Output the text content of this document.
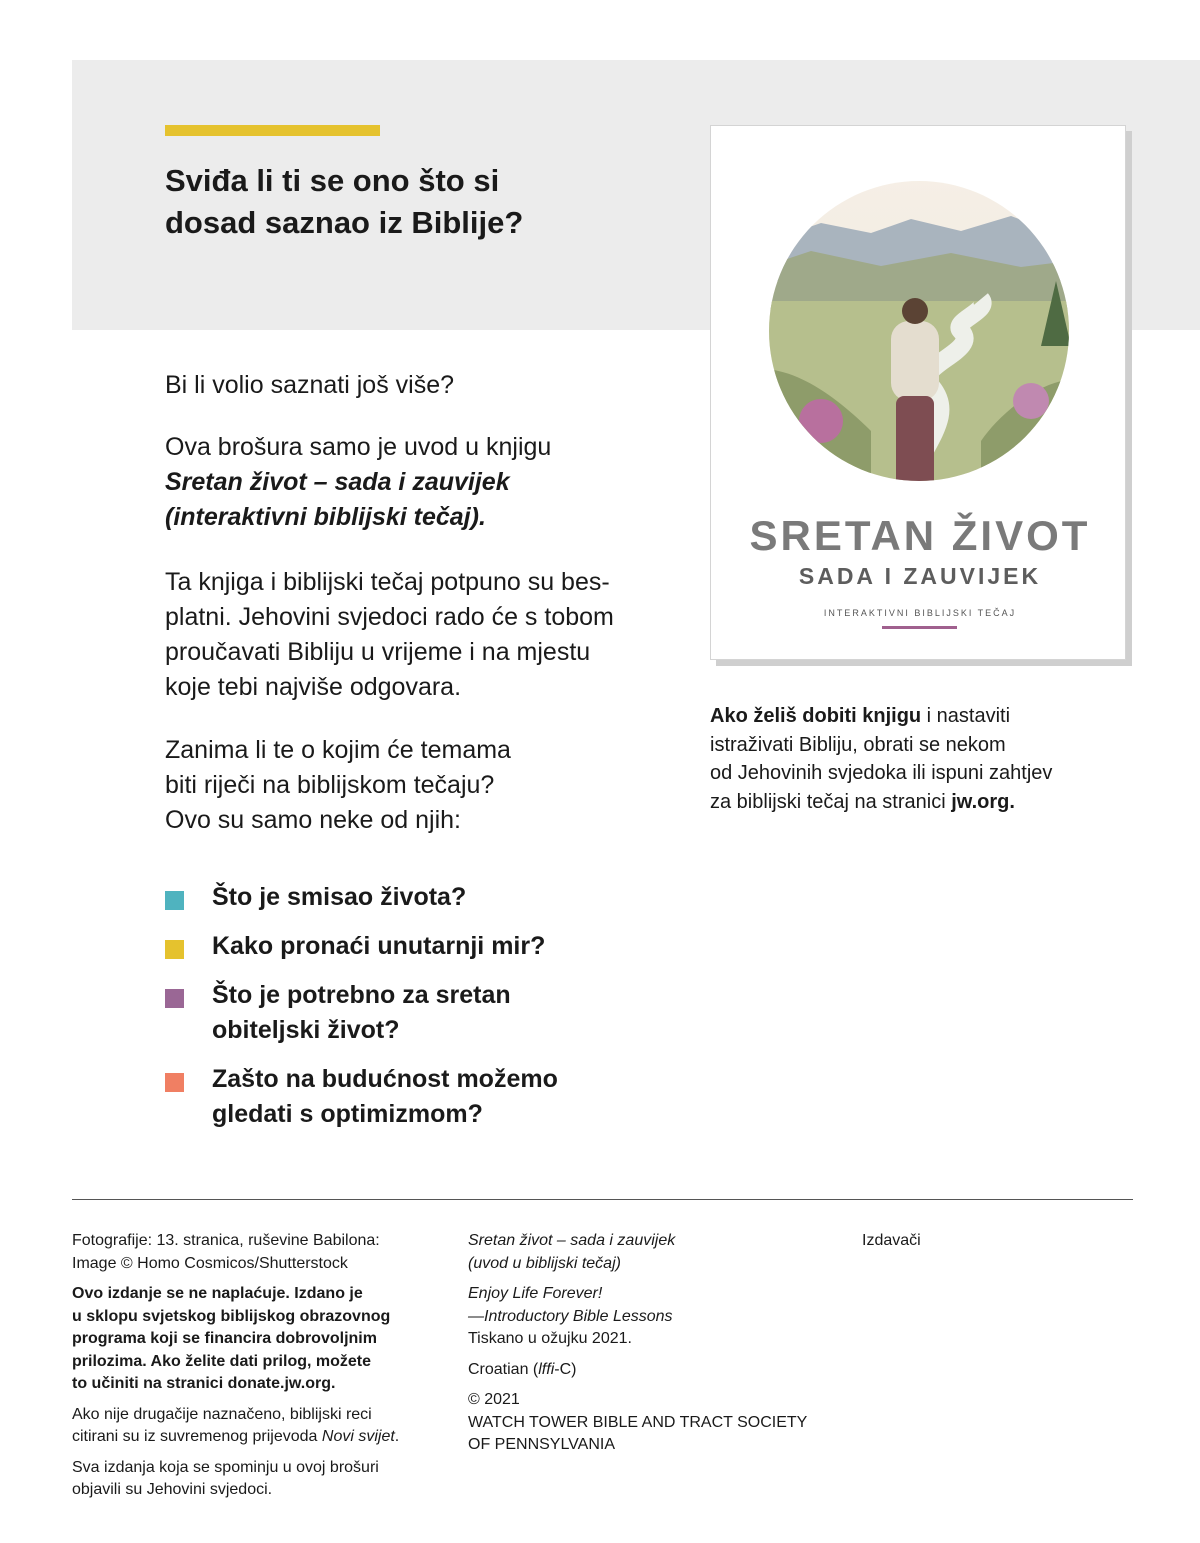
Sviđa li ti se ono što si
dosad saznao iz Biblije?

Bi li volio saznati još više?

Ova brošura samo je uvod u knjigu
Sretan život – sada i zauvijek
(interaktivni biblijski tečaj).

Ta knjiga i biblijski tečaj potpuno su bes-
platni. Jehovini svjedoci rado će s tobom
proučavati Bibliju u vrijeme i na mjestu
koje tebi najviše odgovara.

Zanima li te o kojim će temama
biti riječi na biblijskom tečaju?
Ovo su samo neke od njih:

Što je smisao života?
Kako pronaći unutarnji mir?
Što je potrebno za sretan
obiteljski život?
Zašto na budućnost možemo
gledati s optimizmom?
SRETAN ŽIVOT
SADA I ZAUVIJEK
INTERAKTIVNI BIBLIJSKI TEČAJ

Ako želiš dobiti knjigu i nastaviti
istraživati Bibliju, obrati se nekom
od Jehovinih svjedoka ili ispuni zahtjev
za biblijski tečaj na stranici jw.org.

Fotografije: 13. stranica, ruševine Babilona:
Image © Homo Cosmicos/Shutterstock

Ovo izdanje se ne naplaćuje. Izdano je
u sklopu svjetskog biblijskog obrazovnog
programa koji se financira dobrovoljnim
prilozima. Ako želite dati prilog, možete
to učiniti na stranici donate.jw.org.

Ako nije drugačije naznačeno, biblijski reci
citirani su iz suvremenog prijevoda Novi svijet.

Sva izdanja koja se spominju u ovoj brošuri
objavili su Jehovini svjedoci.

Sretan život – sada i zauvijek
(uvod u biblijski tečaj)

Enjoy Life Forever!
—Introductory Bible Lessons
Tiskano u ožujku 2021.

Croatian (lffi-C)

© 2021
WATCH TOWER BIBLE AND TRACT SOCIETY
OF PENNSYLVANIA

Izdavači
